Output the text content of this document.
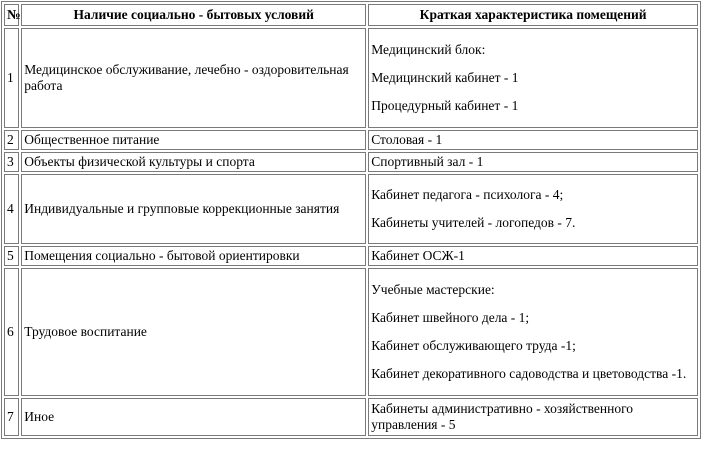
№	Наличие социально - бытовых условий	Краткая характеристика помещений
1	Медицинское обслуживание, лечебно - оздоровительная работа	Медицинский блок:

Медицинский кабинет - 1

Процедурный кабинет - 1

2	Общественное питание	Столовая - 1

3	Объекты физической культуры и спорта	Спортивный зал - 1

4	Индивидуальные и групповые коррекционные занятия	Кабинет педагога - психолога - 4;

Кабинеты учителей - логопедов - 7.

5	Помещения социально - бытовой ориентировки	Кабинет ОСЖ-1

6	Трудовое воспитание	Учебные мастерские:

Кабинет швейного дела - 1;

Кабинет обслуживающего труда -1;

Кабинет декоративного садоводства и цветоводства -1.

7	Иное	Кабинеты административно - хозяйственного управления - 5
